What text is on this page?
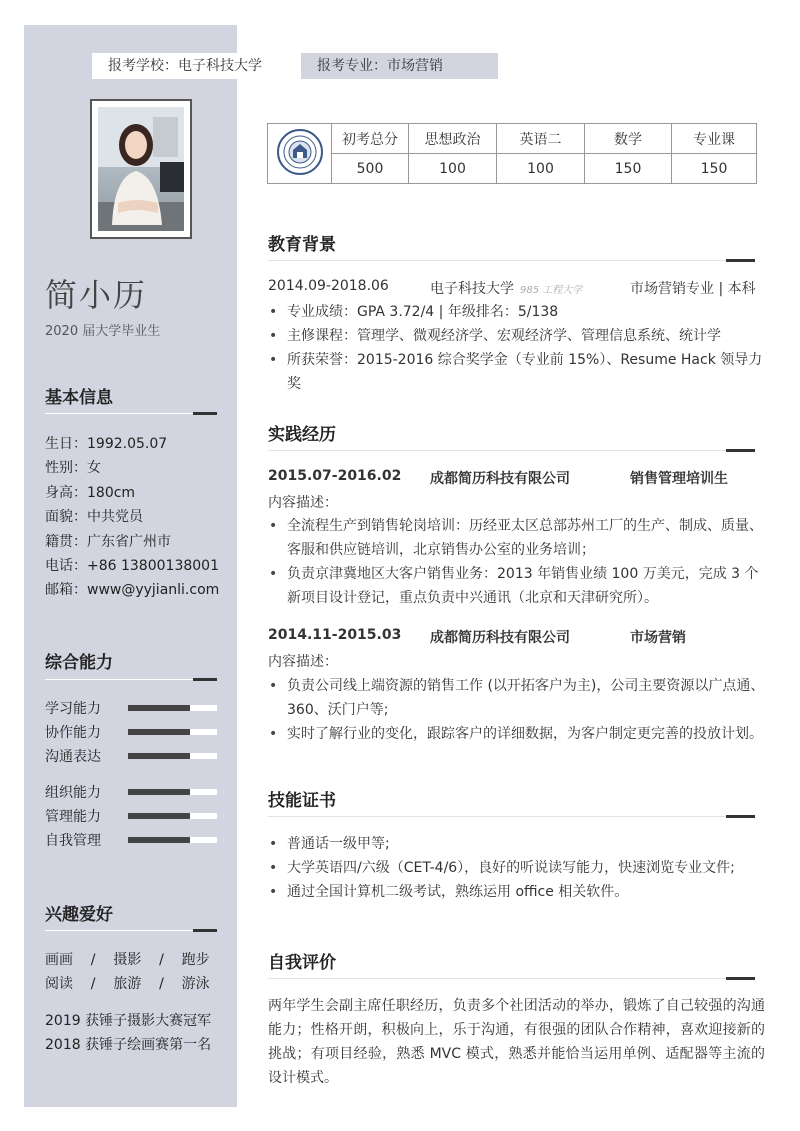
报考学校：电子科技大学	报考专业：市场营销
简小历
2020 届大学毕业生
基本信息
生日：1992.05.07
性别：女
身高：180cm
面貌：中共党员
籍贯：广东省广州市
电话：+86 13800138001
邮箱：www@yyjianli.com
综合能力
学习能力
协作能力
沟通表达
组织能力
管理能力
自我管理
兴趣爱好
画画    /    摄影    /    跑步
阅读    /    旅游    /    游泳
2019 获锤子摄影大赛冠军
2018 获锤子绘画赛第一名
	初考总分	思想政治	英语二	数学	专业课
	500	100	100	150	150
教育背景
2014.09-2018.06	电子科技大学 985 工程大学	市场营销专业 | 本科
• 专业成绩：GPA 3.72/4 | 年级排名：5/138
• 主修课程：管理学、微观经济学、宏观经济学、管理信息系统、统计学
• 所获荣誉：2015-2016 综合奖学金（专业前 15%）、Resume Hack 领导力奖
实践经历
2015.07-2016.02 成都简历科技有限公司	销售管理培训生
内容描述：
• 全流程生产到销售轮岗培训：历经亚太区总部苏州工厂的生产、制成、质量、客服和供应链培训，北京销售办公室的业务培训；
• 负责京津冀地区大客户销售业务：2013 年销售业绩 100 万美元，完成 3 个新项目设计登记，重点负责中兴通讯（北京和天津研究所）。
2014.11-2015.03 成都简历科技有限公司	市场营销
内容描述：
• 负责公司线上端资源的销售工作 (以开拓客户为主)，公司主要资源以广点通、360、沃门户等;
• 实时了解行业的变化，跟踪客户的详细数据，为客户制定更完善的投放计划。
技能证书
• 普通话一级甲等;
• 大学英语四/六级（CET-4/6），良好的听说读写能力，快速浏览专业文件;
• 通过全国计算机二级考试，熟练运用 office 相关软件。
自我评价
两年学生会副主席任职经历，负责多个社团活动的举办，锻炼了自己较强的沟通能力；性格开朗，积极向上，乐于沟通，有很强的团队合作精神，喜欢迎接新的挑战；有项目经验，熟悉 MVC 模式，熟悉并能恰当运用单例、适配器等主流的设计模式。
